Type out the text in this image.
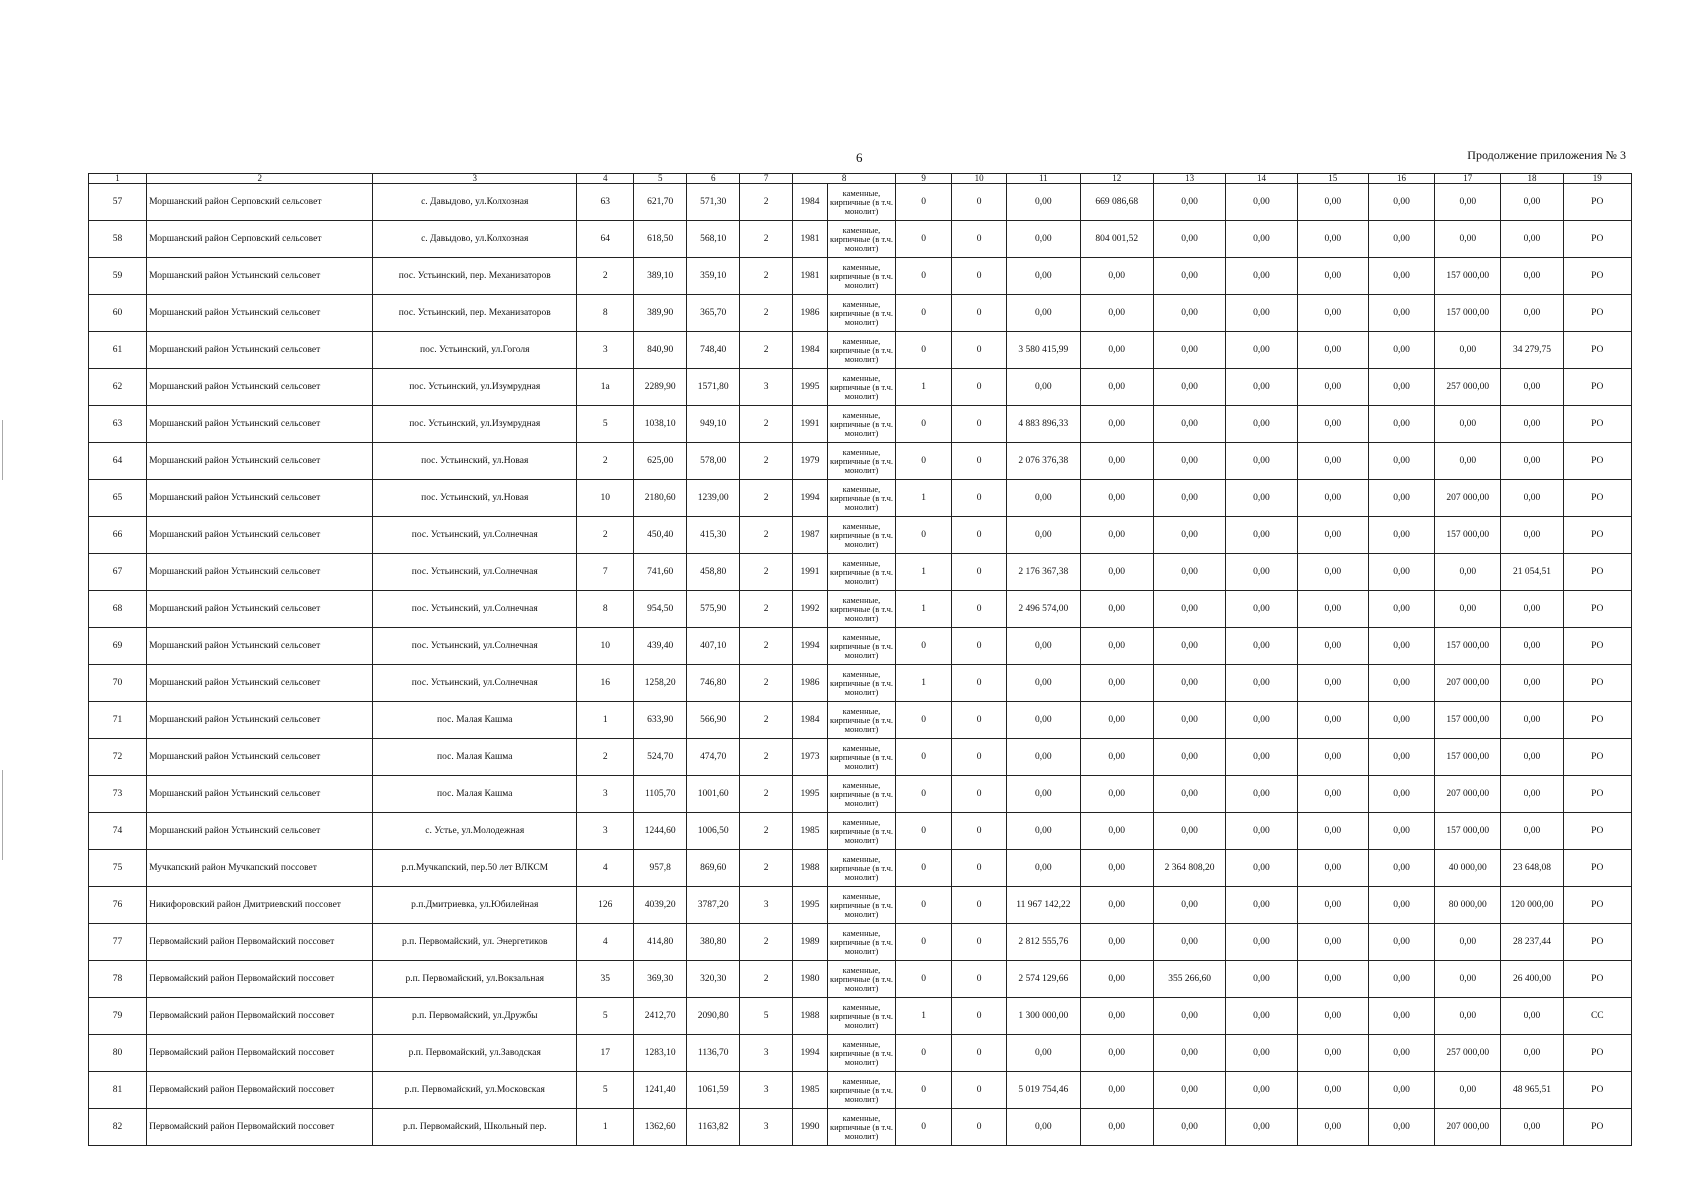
6	Продолжение приложения № 3
1	2	3	4	5	6	7	8		9	10	11	12	13	14	15	16	17	18	19
57	Моршанский район Серповский сельсовет	с. Давыдово, ул.Колхозная	63	621,70	571,30	2	1984	каменные, кирпичные (в т.ч. монолит)	0	0	0,00	669 086,68	0,00	0,00	0,00	0,00	0,00	0,00	РО
58	Моршанский район Серповский сельсовет	с. Давыдово, ул.Колхозная	64	618,50	568,10	2	1981	каменные, кирпичные (в т.ч. монолит)	0	0	0,00	804 001,52	0,00	0,00	0,00	0,00	0,00	0,00	РО
59	Моршанский район Устьинский сельсовет	пос. Устьинский, пер. Механизаторов	2	389,10	359,10	2	1981	каменные, кирпичные (в т.ч. монолит)	0	0	0,00	0,00	0,00	0,00	0,00	0,00	157 000,00	0,00	РО
60	Моршанский район Устьинский сельсовет	пос. Устьинский, пер. Механизаторов	8	389,90	365,70	2	1986	каменные, кирпичные (в т.ч. монолит)	0	0	0,00	0,00	0,00	0,00	0,00	0,00	157 000,00	0,00	РО
61	Моршанский район Устьинский сельсовет	пос. Устьинский, ул.Гоголя	3	840,90	748,40	2	1984	каменные, кирпичные (в т.ч. монолит)	0	0	3 580 415,99	0,00	0,00	0,00	0,00	0,00	0,00	34 279,75	РО
62	Моршанский район Устьинский сельсовет	пос. Устьинский, ул.Изумрудная	1а	2289,90	1571,80	3	1995	каменные, кирпичные (в т.ч. монолит)	1	0	0,00	0,00	0,00	0,00	0,00	0,00	257 000,00	0,00	РО
63	Моршанский район Устьинский сельсовет	пос. Устьинский, ул.Изумрудная	5	1038,10	949,10	2	1991	каменные, кирпичные (в т.ч. монолит)	0	0	4 883 896,33	0,00	0,00	0,00	0,00	0,00	0,00	0,00	РО
64	Моршанский район Устьинский сельсовет	пос. Устьинский, ул.Новая	2	625,00	578,00	2	1979	каменные, кирпичные (в т.ч. монолит)	0	0	2 076 376,38	0,00	0,00	0,00	0,00	0,00	0,00	0,00	РО
65	Моршанский район Устьинский сельсовет	пос. Устьинский, ул.Новая	10	2180,60	1239,00	2	1994	каменные, кирпичные (в т.ч. монолит)	1	0	0,00	0,00	0,00	0,00	0,00	0,00	207 000,00	0,00	РО
66	Моршанский район Устьинский сельсовет	пос. Устьинский, ул.Солнечная	2	450,40	415,30	2	1987	каменные, кирпичные (в т.ч. монолит)	0	0	0,00	0,00	0,00	0,00	0,00	0,00	157 000,00	0,00	РО
67	Моршанский район Устьинский сельсовет	пос. Устьинский, ул.Солнечная	7	741,60	458,80	2	1991	каменные, кирпичные (в т.ч. монолит)	1	0	2 176 367,38	0,00	0,00	0,00	0,00	0,00	0,00	21 054,51	РО
68	Моршанский район Устьинский сельсовет	пос. Устьинский, ул.Солнечная	8	954,50	575,90	2	1992	каменные, кирпичные (в т.ч. монолит)	1	0	2 496 574,00	0,00	0,00	0,00	0,00	0,00	0,00	0,00	РО
69	Моршанский район Устьинский сельсовет	пос. Устьинский, ул.Солнечная	10	439,40	407,10	2	1994	каменные, кирпичные (в т.ч. монолит)	0	0	0,00	0,00	0,00	0,00	0,00	0,00	157 000,00	0,00	РО
70	Моршанский район Устьинский сельсовет	пос. Устьинский, ул.Солнечная	16	1258,20	746,80	2	1986	каменные, кирпичные (в т.ч. монолит)	1	0	0,00	0,00	0,00	0,00	0,00	0,00	207 000,00	0,00	РО
71	Моршанский район Устьинский сельсовет	пос. Малая Кашма	1	633,90	566,90	2	1984	каменные, кирпичные (в т.ч. монолит)	0	0	0,00	0,00	0,00	0,00	0,00	0,00	157 000,00	0,00	РО
72	Моршанский район Устьинский сельсовет	пос. Малая Кашма	2	524,70	474,70	2	1973	каменные, кирпичные (в т.ч. монолит)	0	0	0,00	0,00	0,00	0,00	0,00	0,00	157 000,00	0,00	РО
73	Моршанский район Устьинский сельсовет	пос. Малая Кашма	3	1105,70	1001,60	2	1995	каменные, кирпичные (в т.ч. монолит)	0	0	0,00	0,00	0,00	0,00	0,00	0,00	207 000,00	0,00	РО
74	Моршанский район Устьинский сельсовет	с. Устье, ул.Молодежная	3	1244,60	1006,50	2	1985	каменные, кирпичные (в т.ч. монолит)	0	0	0,00	0,00	0,00	0,00	0,00	0,00	157 000,00	0,00	РО
75	Мучкапский район Мучкапский поссовет	р.п.Мучкапский, пер.50 лет ВЛКСМ	4	957,8	869,60	2	1988	каменные, кирпичные (в т.ч. монолит)	0	0	0,00	0,00	2 364 808,20	0,00	0,00	0,00	40 000,00	23 648,08	РО
76	Никифоровский район Дмитриевский поссовет	р.п.Дмитриевка, ул.Юбилейная	126	4039,20	3787,20	3	1995	каменные, кирпичные (в т.ч. монолит)	0	0	11 967 142,22	0,00	0,00	0,00	0,00	0,00	80 000,00	120 000,00	РО
77	Первомайский район Первомайский поссовет	р.п. Первомайский, ул. Энергетиков	4	414,80	380,80	2	1989	каменные, кирпичные (в т.ч. монолит)	0	0	2 812 555,76	0,00	0,00	0,00	0,00	0,00	0,00	28 237,44	РО
78	Первомайский район Первомайский поссовет	р.п. Первомайский, ул.Вокзальная	35	369,30	320,30	2	1980	каменные, кирпичные (в т.ч. монолит)	0	0	2 574 129,66	0,00	355 266,60	0,00	0,00	0,00	0,00	26 400,00	РО
79	Первомайский район Первомайский поссовет	р.п. Первомайский, ул.Дружбы	5	2412,70	2090,80	5	1988	каменные, кирпичные (в т.ч. монолит)	1	0	1 300 000,00	0,00	0,00	0,00	0,00	0,00	0,00	0,00	СС
80	Первомайский район Первомайский поссовет	р.п. Первомайский, ул.Заводская	17	1283,10	1136,70	3	1994	каменные, кирпичные (в т.ч. монолит)	0	0	0,00	0,00	0,00	0,00	0,00	0,00	257 000,00	0,00	РО
81	Первомайский район Первомайский поссовет	р.п. Первомайский, ул.Московская	5	1241,40	1061,59	3	1985	каменные, кирпичные (в т.ч. монолит)	0	0	5 019 754,46	0,00	0,00	0,00	0,00	0,00	0,00	48 965,51	РО
82	Первомайский район Первомайский поссовет	р.п. Первомайский, Школьный пер.	1	1362,60	1163,82	3	1990	каменные, кирпичные (в т.ч. монолит)	0	0	0,00	0,00	0,00	0,00	0,00	0,00	207 000,00	0,00	РО
